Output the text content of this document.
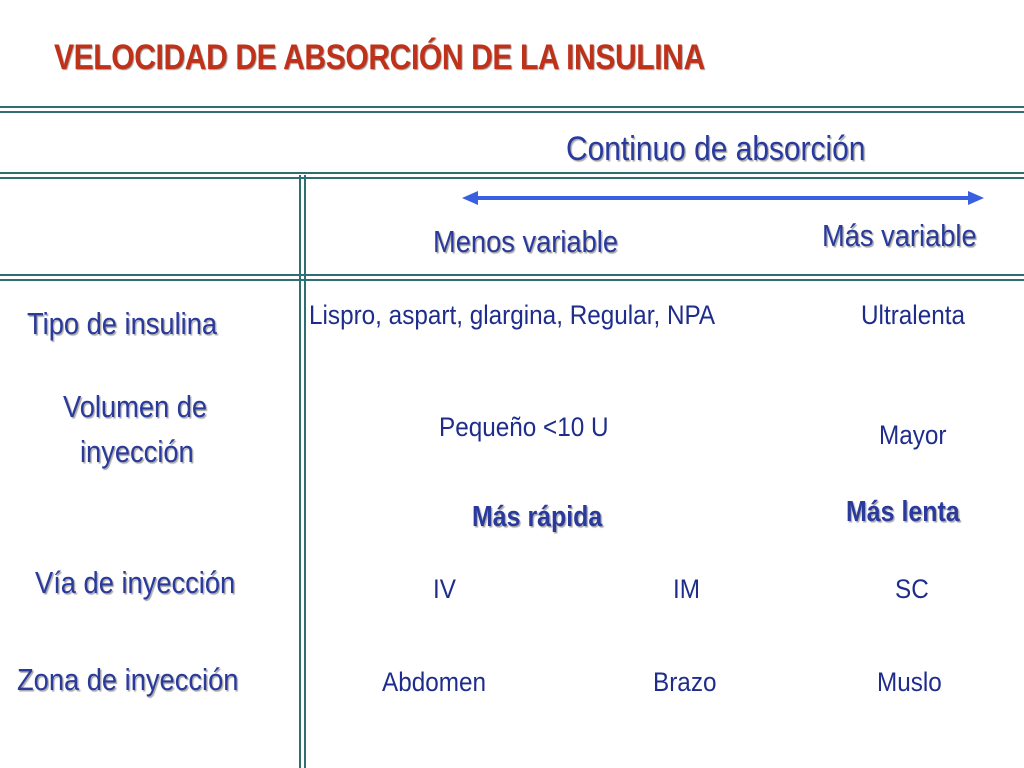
VELOCIDAD DE ABSORCIÓN DE LA INSULINA
Continuo de absorción
Menos variable	Más variable
Tipo de insulina	Lispro, aspart, glargina, Regular, NPA	Ultralenta
Volumen de
inyección
Pequeño <10 U	Mayor
Más rápida	Más lenta
Vía de inyección	IV	IM	SC
Zona de inyección	Abdomen	Brazo	Muslo
